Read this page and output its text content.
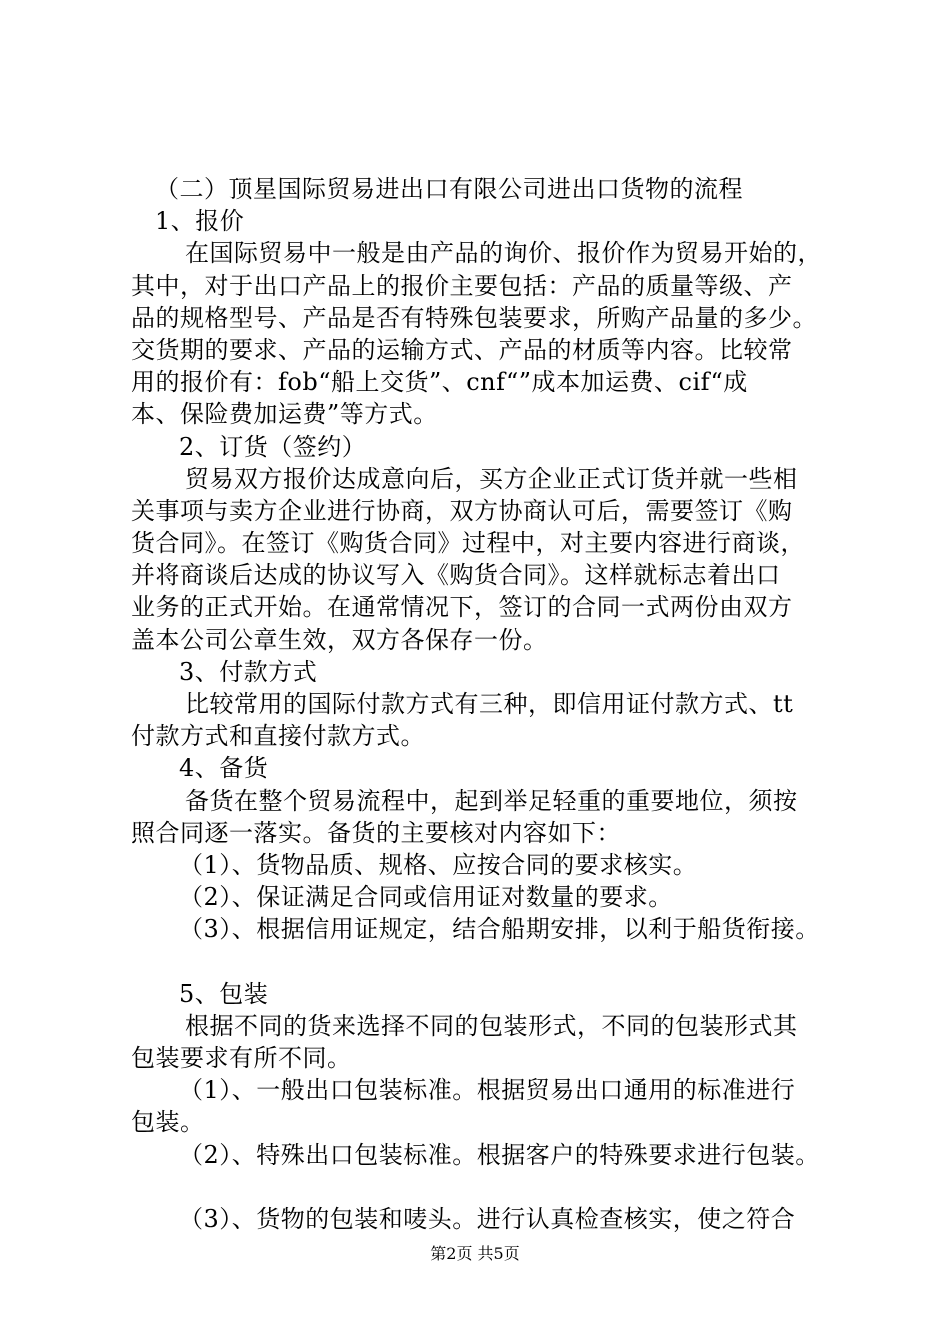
（二）顶星国际贸易进出口有限公司进出口货物的流程
1、报价
在国际贸易中一般是由产品的询价、报价作为贸易开始的，
其中，对于出口产品上的报价主要包括：产品的质量等级、产
品的规格型号、产品是否有特殊包装要求，所购产品量的多少。
交货期的要求、产品的运输方式、产品的材质等内容。比较常
用的报价有：fob“船上交货”、cnf“”成本加运费、cif“成
本、保险费加运费”等方式。
2、订货（签约）
贸易双方报价达成意向后，买方企业正式订货并就一些相
关事项与卖方企业进行协商，双方协商认可后，需要签订《购
货合同》。在签订《购货合同》过程中，对主要内容进行商谈，
并将商谈后达成的协议写入《购货合同》。这样就标志着出口
业务的正式开始。在通常情况下，签订的合同一式两份由双方
盖本公司公章生效，双方各保存一份。
3、付款方式
比较常用的国际付款方式有三种，即信用证付款方式、tt
付款方式和直接付款方式。
4、备货
备货在整个贸易流程中，起到举足轻重的重要地位，须按
照合同逐一落实。备货的主要核对内容如下：
（1）、货物品质、规格、应按合同的要求核实。
（2）、保证满足合同或信用证对数量的要求。
（3）、根据信用证规定，结合船期安排，以利于船货衔接。
5、包装
根据不同的货来选择不同的包装形式，不同的包装形式其
包装要求有所不同。
（1）、一般出口包装标准。根据贸易出口通用的标准进行
包装。
（2）、特殊出口包装标准。根据客户的特殊要求进行包装。
（3）、货物的包装和唛头。进行认真检查核实，使之符合
第2页 共5页
